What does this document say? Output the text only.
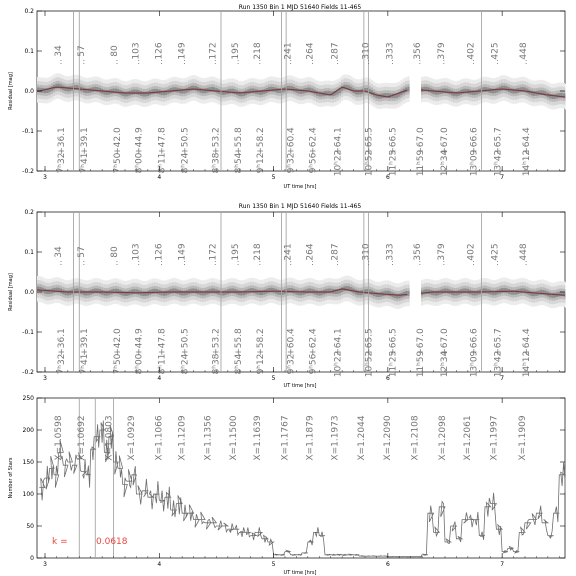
Run 1350 Bin 1 MJD 51640 Fields 11-465
34
:
+36.1
7ʰ32
57
:
+39.1
7ʰ41
80
:
+42.0
7ʰ50
103
:
+44.9
8ʰ00
126
:
+47.8
8ʰ11
149
:
+50.5
8ʰ24
172
:
+53.2
8ʰ38
195
:
+55.8
8ʰ54
218
:
+58.2
9ʰ12
241
:
+60.4
9ʰ32
264
:
+62.4
9ʰ56
287
:
+64.1
10ʰ22
310
:
+65.5
10ʰ52
333
:
+66.5
11ʰ25
356
:
+67.0
11ʰ59
379
:
+67.0
12ʰ34
402
:
+66.6
13ʰ09
425
:
+65.7
13ʰ42
448
:
+64.4
14ʰ12
3	4	5	6	7
-0.2
-0.1
0.0
0.1
0.2
Residual [mag]
UT time [hrs]
Run 1350 Bin 1 MJD 51640 Fields 11-465
34
:
+36.1
7ʰ32
57
:
+39.1
7ʰ41
80
:
+42.0
7ʰ50
103
:
+44.9
8ʰ00
126
:
+47.8
8ʰ11
149
:
+50.5
8ʰ24
172
:
+53.2
8ʰ38
195
:
+55.8
8ʰ54
218
:
+58.2
9ʰ12
241
:
+60.4
9ʰ32
264
:
+62.4
9ʰ56
287
:
+64.1
10ʰ22
310
:
+65.5
10ʰ52
333
:
+66.5
11ʰ25
356
:
+67.0
11ʰ59
379
:
+67.0
12ʰ34
402
:
+66.6
13ʰ09
425
:
+65.7
13ʰ42
448
:
+64.4
14ʰ12
3	4	5	6	7
-0.2
-0.1
0.0
0.1
0.2
Residual [mag]
UT time [hrs]
X=1.0598 X=1.0692 X=1.0803 X=1.0929 X=1.1066 X=1.1209 X=1.1356 X=1.1500 X=1.1639 X=1.1767 X=1.1879 X=1.1973 X=1.2044 X=1.2090 X=1.2108 X=1.2098 X=1.2061 X=1.1997 X=1.1909
3	4	5	6	7
0
50
100
150
200
250
k =	0.0618
Number of Stars
UT time [hrs]
